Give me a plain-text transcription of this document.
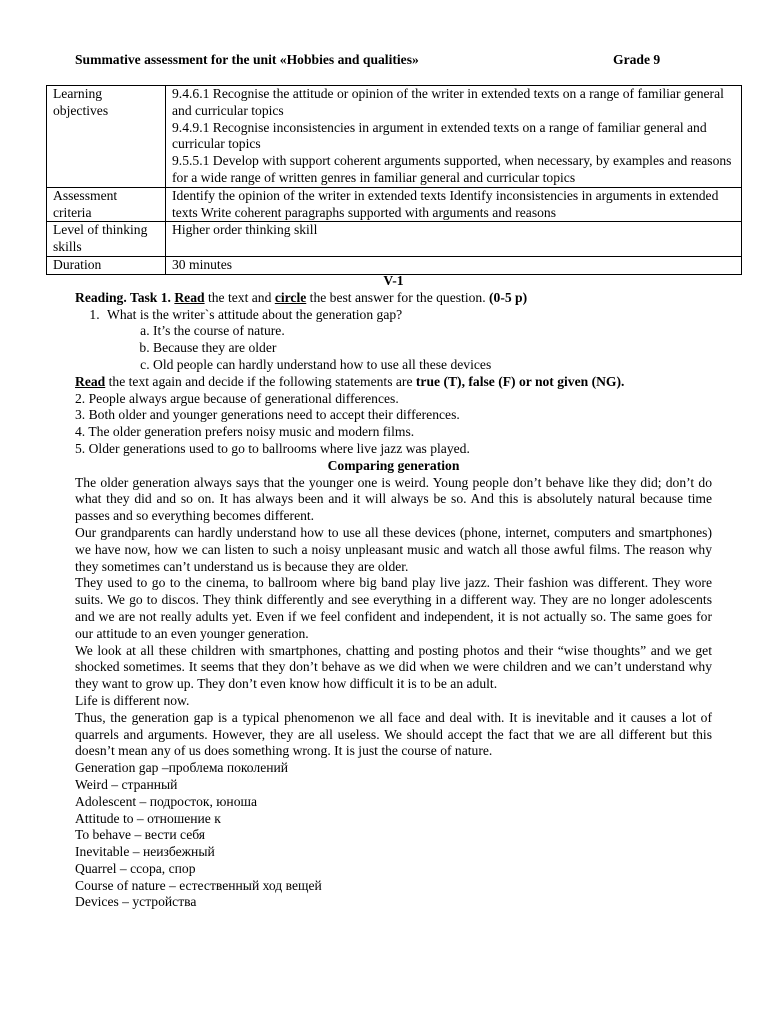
Summative assessment for the unit «Hobbies and qualities»	Grade 9
Learning objectives	9.4.6.1 Recognise the attitude or opinion of the writer in extended texts on a range of familiar general and curricular topics
9.4.9.1 Recognise inconsistencies in argument in extended texts on a range of familiar general and curricular topics
9.5.5.1 Develop with support coherent arguments supported, when necessary, by examples and reasons for a wide range of written genres in familiar general and curricular topics

Assessment criteria	Identify the opinion of the writer in extended texts Identify inconsistencies in arguments in extended texts Write coherent paragraphs supported with arguments and reasons
Level of thinking skills	Higher order thinking skill
Duration	30 minutes
V-1

Reading. Task 1. Read the text and circle the best answer for the question. (0-5 p)

1. What is the writer`s attitude about the generation gap?
a. It’s the course of nature.
b. Because they are older
c. Old people can hardly understand how to use all these devices

Read the text again and decide if the following statements are true (T), false (F) or not given (NG).

2. People always argue because of generational differences.
3. Both older and younger generations need to accept their differences.
4. The older generation prefers noisy music and modern films.
5. Older generations used to go to ballrooms where live jazz was played.
Comparing generation

The older generation always says that the younger one is weird. Young people don’t behave like they did; don’t do what they did and so on. It has always been and it will always be so. And this is absolutely natural because time passes and so everything becomes different.

Our grandparents can hardly understand how to use all these devices (phone, internet, computers and smartphones) we have now, how we can listen to such a noisy unpleasant music and watch all those awful films. The reason why they sometimes can’t understand us is because they are older.

They used to go to the cinema, to ballroom where big band play live jazz. Their fashion was different. They wore suits. We go to discos. They think differently and see everything in a different way. They are no longer adolescents and we are not really adults yet. Even if we feel confident and independent, it is not actually so. The same goes for our attitude to an even younger generation.

We look at all these children with smartphones, chatting and posting photos and their “wise thoughts” and we get shocked sometimes. It seems that they don’t behave as we did when we were children and we can’t understand why they want to grow up. They don’t even know how difficult it is to be an adult.

Life is different now.

Thus, the generation gap is a typical phenomenon we all face and deal with. It is inevitable and it causes a lot of quarrels and arguments. However, they are all useless. We should accept the fact that we are all different but this doesn’t mean any of us does something wrong. It is just the course of nature.

Generation gap –проблема поколений
Weird – странный
Adolescent – подросток, юноша
Attitude to – отношение к
To behave – вести себя
Inevitable – неизбежный
Quarrel – ссора, спор
Course of nature – естественный ход вещей
Devices – устройства
